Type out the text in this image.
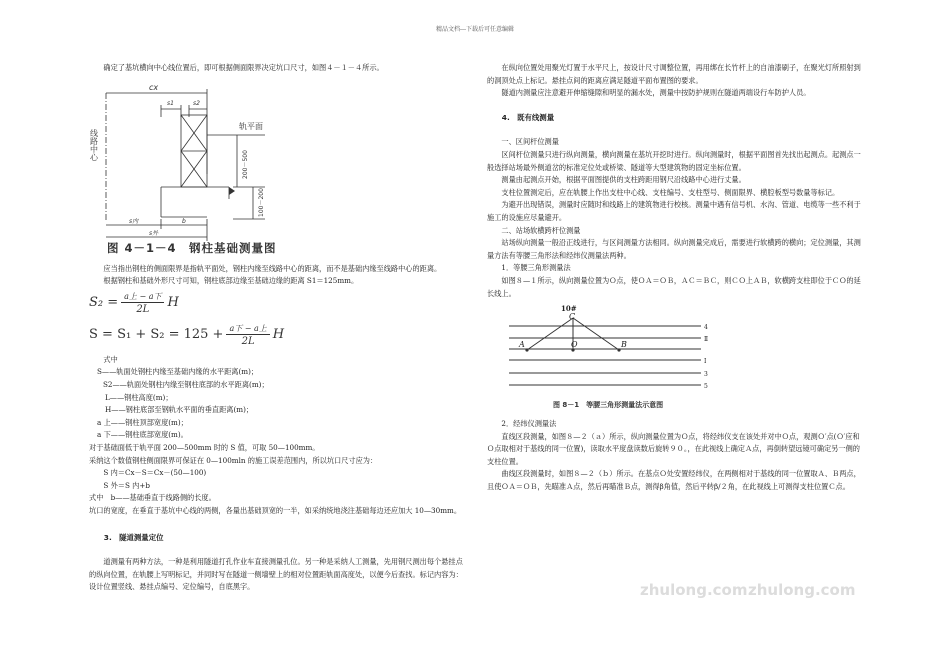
精品文档---下载后可任意编辑

确定了基坑横向中心线位置后，即可根据侧面限界决定坑口尺寸，如图４－１－４所示。

线路中心
轨平面
cx
s1	s2
200－500
100－200
s内	b
s外
图 4－1－4　钢柱基础测量图

应当指出钢柱的侧面限界是指轨平面处，钢柱内缘至线路中心的距离，而不是基础内缘至线路中心的距离。

根据钢柱和基础外形尺寸可知，钢柱底部边缘至基础边缘的距离 S1＝125mm。

$S_2 = \frac{\text{a上 − a下}}{2L}$ H
$S = S_1 + S_2 = 125 + \frac{\text{a下 − a上}}{2L}$ H

式中

S——轨面处钢柱内缘至基础内缘的水平距离(m)；

S2——轨面处钢柱内缘至钢柱底部的水平距离(m)；

L——钢柱高度(m)；

H——钢柱底部至钢轨水平面的垂直距离(m)；

a 上——钢柱顶部宽度(m)；

a 下——钢柱底部宽度(m)。

对于基础面低于轨平面 200—500mm 时的 S 值，可取 50—100mm。

采纳这个数值钢柱侧面限界可保证在 0—100mln 的施工误差范围内，所以坑口尺寸应为：

S 内＝Cx－S＝Cx－(50—100)

S 外＝S 内+b

式中　b——基础垂直于线路侧的长度。

坑口的宽度，在垂直于基坑中心线的两侧，各量出基础顶宽的一半，如采纳统地浇注基础每边还应加大 10—30mm。

3.　隧道测量定位

道测量有两种方法，一种是利用隧道打孔作业车直接测量孔位。另一种是采纳人工测量，先用钢尺测出每个悬挂点的纵向位置，在轨腰上写明标记，并同时写在隧道一侧墙壁上的相对位置距轨面高度处，以便今后查找。标记内容为：设计位置竖线、悬挂点编号、定位编号，自底黑字。

在纵向位置处用聚光灯置于水平尺上，按设计尺寸调整位置，再用绑在长竹杆上的自油漆刷子，在聚光灯所照射到的洞顶处点上标记。悬挂点间的距离应满足隧道平面布置图的要求。

隧道内测量应注意避开伸缩缝隙和明显的漏水处，测量中按防护规则在隧道两端设行车防护人员。

4.　既有线测量

一、区间杆位测量

区间杆位测量只进行纵向测量，横向测量在基坑开挖时进行。纵向测量时，根据平面图首先找出起测点。起测点一般选择站场最外侧道岔的标准定位处或桥梁、隧道等大型建筑物的固定坐标位置。

测量由起测点开始，根据平面图提供的支柱跨距用钢尺沿线路中心进行丈量。

支柱位置测定后，应在轨腰上作出支柱中心线、支柱编号、支柱型号、侧面限界、横腔板型号数量等标记。

为避开出现错误，测量时应随时和线路上的建筑物进行校核。测量中遇有信号机、水沟、管道、电缆等一些不利于施工的设施应尽量避开。

二、站场软横跨杆位测量

站场纵向测量一般沿正线进行，与区间测量方法相同。纵向测量完成后，需要进行软横跨的横向；定位测量，其测量方法有等腰三角形法和经纬仪测量法两种。

1．等腰三角形测量法

如图８—１所示，纵向测量位置为Ｏ点，使ＯＡ＝ＯＢ，ＡＣ＝ＢＣ，则ＣＯ上ＡＢ，软横跨支柱即位于ＣＯ的延长线上。

10#
C
A	O	B
4
Ⅱ
Ⅰ
3
5
图 8－1　等腰三角形测量法示意图

2．经纬仪测量法

直线区段测量，如图８—２（ａ）所示，纵向测量位置为Ｏ点，将经纬仪支在该处并对中Ｏ点，观测Ｏ′点(Ｏ′应和Ｏ点取相对于基线的同一位置)，读取水平度盘读数后旋转９０。，在此视线上确定Ａ点，再倒转望远镜可确定另一侧的支柱位置。

曲线区段测量时，如图８—２（ｂ）所示。在基点Ｏ处安置经纬仪，在两侧相对于基线的同一位置取Ａ、Ｂ两点，且使ＯＡ＝ＯＢ，先瞄准Ａ点，然后再瞄准Ｂ点，测得β角值，然后平转β/２角，在此视线上可测得支柱位置Ｃ点。

zhulong.com zhulong.com
